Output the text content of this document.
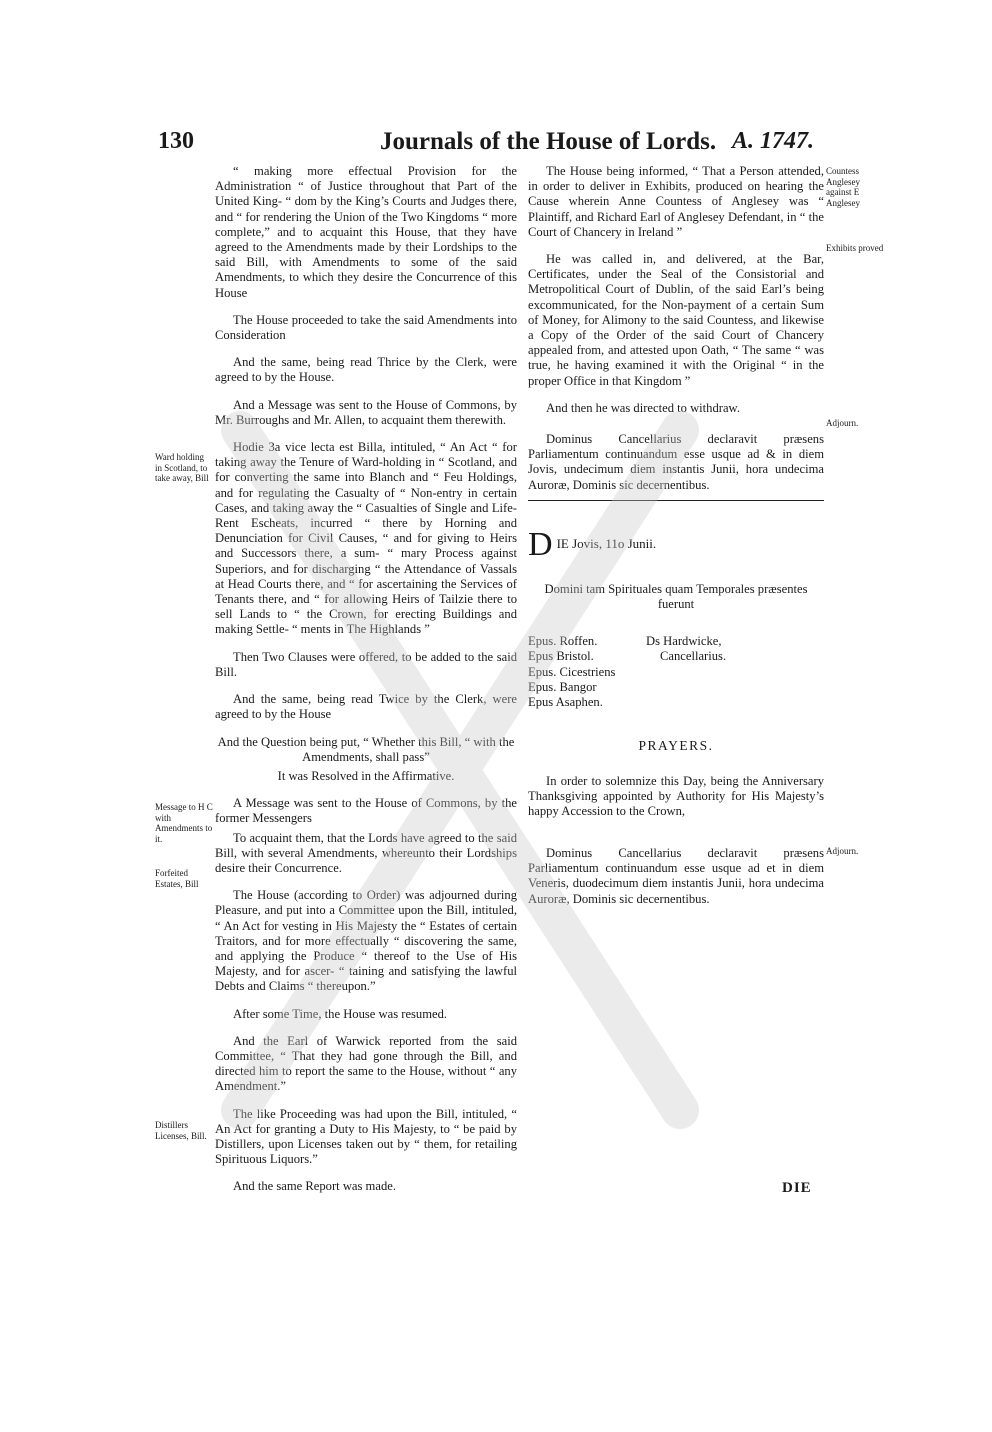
130	Journals of the House of Lords. A. 1747.

“ making more effectual Provision for the Administration “ of Justice throughout that Part of the United King- “ dom by the King’s Courts and Judges there, and “ for rendering the Union of the Two Kingdoms “ more complete,” and to acquaint this House, that they have agreed to the Amendments made by their Lordships to the said Bill, with Amendments to some of the said Amendments, to which they desire the Concurrence of this House

The House proceeded to take the said Amendments into Consideration

And the same, being read Thrice by the Clerk, were agreed to by the House.

And a Message was sent to the House of Commons, by Mr. Burroughs and Mr. Allen, to acquaint them therewith.

Hodie 3a vice lecta est Billa, intituled, “ An Act “ for taking away the Tenure of Ward-holding in “ Scotland, and for converting the same into Blanch and “ Feu Holdings, and for regulating the Casualty of “ Non-entry in certain Cases, and taking away the “ Casualties of Single and Life-Rent Escheats, incurred “ there by Horning and Denunciation for Civil Causes, “ and for giving to Heirs and Successors there, a sum- “ mary Process against Superiors, and for discharging “ the Attendance of Vassals at Head Courts there, and “ for ascertaining the Services of Tenants there, and “ for allowing Heirs of Tailzie there to sell Lands to “ the Crown, for erecting Buildings and making Settle- “ ments in The Highlands ”

Then Two Clauses were offered, to be added to the said Bill.

And the same, being read Twice by the Clerk, were agreed to by the House

And the Question being put, “ Whether this Bill, “ with the Amendments, shall pass”

It was Resolved in the Affirmative.

A Message was sent to the House of Commons, by the former Messengers

To acquaint them, that the Lords have agreed to the said Bill, with several Amendments, whereunto their Lordships desire their Concurrence.

The House (according to Order) was adjourned during Pleasure, and put into a Committee upon the Bill, intituled, “ An Act for vesting in His Majesty the “ Estates of certain Traitors, and for more effectually “ discovering the same, and applying the Produce “ thereof to the Use of His Majesty, and for ascer- “ taining and satisfying the lawful Debts and Claims “ thereupon.”

After some Time, the House was resumed.

And the Earl of Warwick reported from the said Committee, “ That they had gone through the Bill, and directed him to report the same to the House, without “ any Amendment.”

The like Proceeding was had upon the Bill, intituled, “ An Act for granting a Duty to His Majesty, to “ be paid by Distillers, upon Licenses taken out by “ them, for retailing Spirituous Liquors.”

And the same Report was made.

Ward holding in Scotland, to take away, Bill
Message to H C with Amendments to it.
Forfeited Estates, Bill
Distillers Licenses, Bill.

The House being informed, “ That a Person attended, in order to deliver in Exhibits, produced on hearing the Cause wherein Anne Countess of Anglesey was “ Plaintiff, and Richard Earl of Anglesey Defendant, in “ the Court of Chancery in Ireland ”

He was called in, and delivered, at the Bar, Certificates, under the Seal of the Consistorial and Metropolitical Court of Dublin, of the said Earl’s being excommunicated, for the Non-payment of a certain Sum of Money, for Alimony to the said Countess, and likewise a Copy of the Order of the said Court of Chancery appealed from, and attested upon Oath, “ The same “ was true, he having examined it with the Original “ in the proper Office in that Kingdom ”

And then he was directed to withdraw.

Dominus Cancellarius declaravit præsens Parliamentum continuandum esse usque ad & in diem Jovis, undecimum diem instantis Junii, hora undecima Auroræ, Dominis sic decernentibus.

Countess Anglesey against E Anglesey
Exhibits proved
Adjourn.
Adjourn.
D IE Jovis, 11o Junii.
Domini tam Spirituales quam Temporales præsentes fuerunt
Epus. Roffen.
Epus Bristol.
Epus. Cicestriens
Epus. Bangor
Epus Asaphen.
Ds Hardwicke,
Cancellarius.
PRAYERS.
In order to solemnize this Day, being the Anniversary Thanksgiving appointed by Authority for His Majesty’s happy Accession to the Crown,
Dominus Cancellarius declaravit præsens Parliamentum continuandum esse usque ad et in diem Veneris, duodecimum diem instantis Junii, hora undecima Auroræ, Dominis sic decernentibus.
DIE
